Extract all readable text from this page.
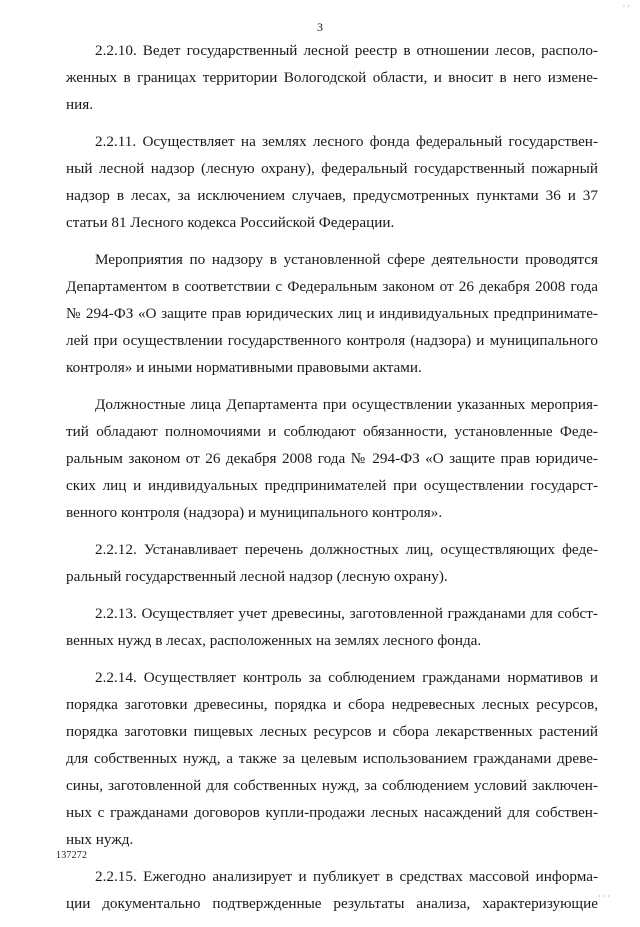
· ·
3

2.2.10. Ведет государственный лесной реестр в отношении лесов, располо-
женных в границах территории Вологодской области, и вносит в него измене-
ния.

2.2.11. Осуществляет на землях лесного фонда федеральный государствен-
ный лесной надзор (лесную охрану), федеральный государственный пожарный
надзор в лесах, за исключением случаев, предусмотренных пунктами 36 и 37
статьи 81 Лесного кодекса Российской Федерации.

Мероприятия по надзору в установленной сфере деятельности проводятся
Департаментом в соответствии с Федеральным законом от 26 декабря 2008 года
№ 294-ФЗ «О защите прав юридических лиц и индивидуальных предпринимате-
лей при осуществлении государственного контроля (надзора) и муниципального
контроля» и иными нормативными правовыми актами.

Должностные лица Департамента при осуществлении указанных мероприя-
тий обладают полномочиями и соблюдают обязанности, установленные Феде-
ральным законом от 26 декабря 2008 года № 294-ФЗ «О защите прав юридиче-
ских лиц и индивидуальных предпринимателей при осуществлении государст-
венного контроля (надзора) и муниципального контроля».

2.2.12. Устанавливает перечень должностных лиц, осуществляющих феде-
ральный государственный лесной надзор (лесную охрану).

2.2.13. Осуществляет учет древесины, заготовленной гражданами для собст-
венных нужд в лесах, расположенных на землях лесного фонда.

2.2.14. Осуществляет контроль за соблюдением гражданами нормативов и
порядка заготовки древесины, порядка и сбора недревесных лесных ресурсов,
порядка заготовки пищевых лесных ресурсов и сбора лекарственных растений
для собственных нужд, а также за целевым использованием гражданами древе-
сины, заготовленной для собственных нужд, за соблюдением условий заключен-
ных с гражданами договоров купли-продажи лесных насаждений для собствен-
ных нужд.

2.2.15. Ежегодно анализирует и публикует в средствах массовой информа-
ции документально подтвержденные результаты анализа, характеризующие

137272
· · ·
